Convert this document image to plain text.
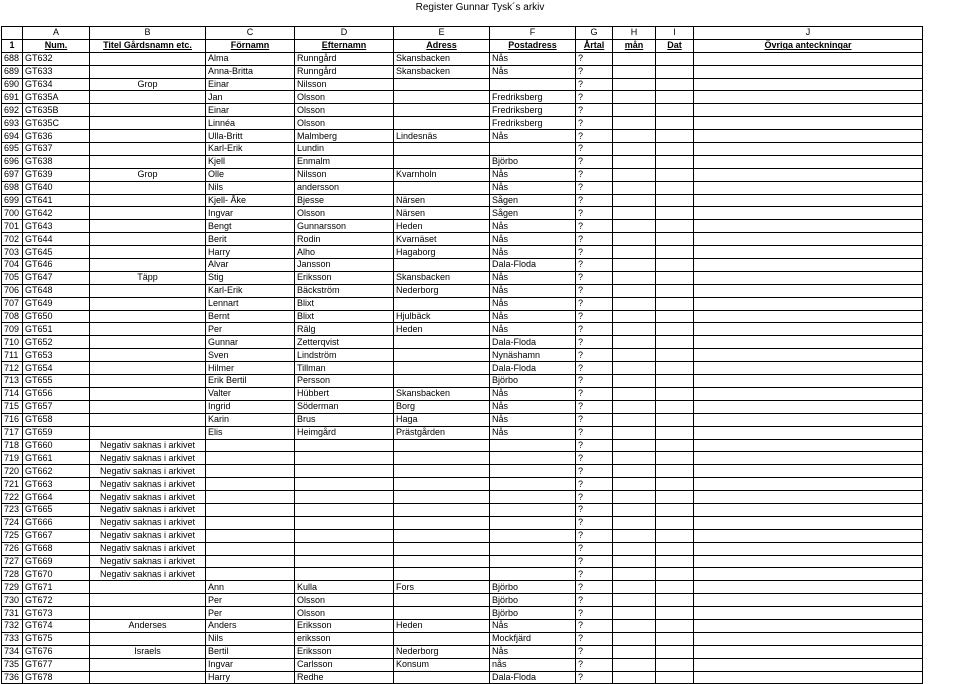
Register Gunnar Tysk´s arkiv
	A	B	C	D	E	F	G	H	I	J
1	Num.	Titel Gårdsnamn etc.	Förnamn	Efternamn	Adress	Postadress	Årtal	mån	Dat	Övriga anteckningar
688	GT632		Alma	Runngård	Skansbacken	Nås	?			
689	GT633		Anna-Britta	Runngård	Skansbacken	Nås	?			
690	GT634	Grop	Einar	Nilsson			?			
691	GT635A		Jan	Olsson		Fredriksberg	?			
692	GT635B		Einar	Olsson		Fredriksberg	?			
693	GT635C		Linnéa	Olsson		Fredriksberg	?			
694	GT636		Ulla-Britt	Malmberg	Lindesnäs	Nås	?			
695	GT637		Karl-Erik	Lundin			?			
696	GT638		Kjell	Enmalm		Björbo	?			
697	GT639	Grop	Olle	Nilsson	Kvarnholn	Nås	?			
698	GT640		Nils	andersson		Nås	?			
699	GT641		Kjell- Åke	Bjesse	Närsen	Sågen	?			
700	GT642		Ingvar	Olsson	Närsen	Sågen	?			
701	GT643		Bengt	Gunnarsson	Heden	Nås	?			
702	GT644		Berit	Rodin	Kvarnäset	Nås	?			
703	GT645		Harry	Alho	Hagaborg	Nås	?			
704	GT646		Alvar	Jansson		Dala-Floda	?			
705	GT647	Täpp	Stig	Eriksson	Skansbacken	Nås	?			
706	GT648		Karl-Erik	Bäckström	Nederborg	Nås	?			
707	GT649		Lennart	Blixt		Nås	?			
708	GT650		Bernt	Blixt	Hjulbäck	Nås	?			
709	GT651		Per	Rälg	Heden	Nås	?			
710	GT652		Gunnar	Zetterqvist		Dala-Floda	?			
711	GT653		Sven	Lindström		Nynäshamn	?			
712	GT654		Hilmer	Tillman		Dala-Floda	?			
713	GT655		Erik Bertil	Persson		Björbo	?			
714	GT656		Valter	Hübbert	Skansbacken	Nås	?			
715	GT657		Ingrid	Söderman	Borg	Nås	?			
716	GT658		Karin	Brus	Haga	Nås	?			
717	GT659		Elis	Heimgård	Prästgården	Nås	?			
718	GT660	Negativ saknas i arkivet					?			
719	GT661	Negativ saknas i arkivet					?			
720	GT662	Negativ saknas i arkivet					?			
721	GT663	Negativ saknas i arkivet					?			
722	GT664	Negativ saknas i arkivet					?			
723	GT665	Negativ saknas i arkivet					?			
724	GT666	Negativ saknas i arkivet					?			
725	GT667	Negativ saknas i arkivet					?			
726	GT668	Negativ saknas i arkivet					?			
727	GT669	Negativ saknas i arkivet					?			
728	GT670	Negativ saknas i arkivet					?			
729	GT671		Ann	Kulla	Fors	Björbo	?			
730	GT672		Per	Olsson		Björbo	?			
731	GT673		Per	Olsson		Björbo	?			
732	GT674	Anderses	Anders	Eriksson	Heden	Nås	?			
733	GT675		Nils	eriksson		Mockfjärd	?			
734	GT676	Israels	Bertil	Eriksson	Nederborg	Nås	?			
735	GT677		Ingvar	Carlsson	Konsum	nås	?			
736	GT678		Harry	Redhe		Dala-Floda	?			
